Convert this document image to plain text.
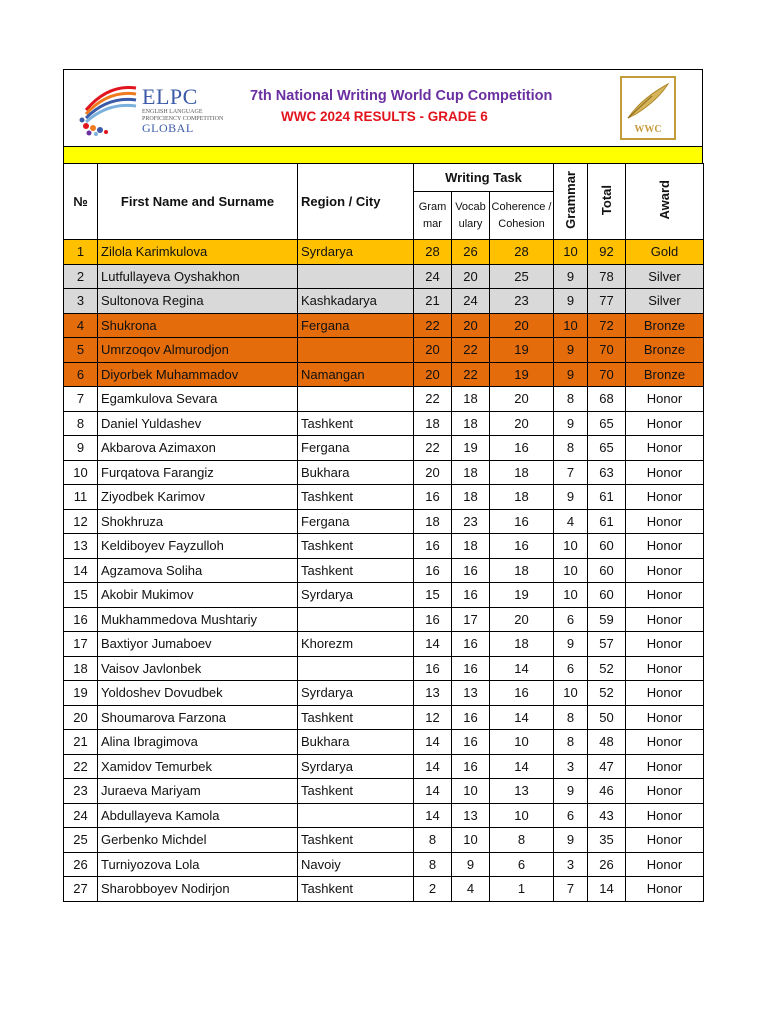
ELPC
ENGLISH LANGUAGE PROFICIENCY COMPETITION
GLOBAL
7th National Writing World Cup Competition
WWC 2024 RESULTS - GRADE 6
WWC
№	First Name and Surname	Region / City	Writing Task			Grammar	Total	Award
			Gram mar	Vocab ulary	Coherence / Cohesion			
1	Zilola Karimkulova	Syrdarya	28	26	28	10	92	Gold
2	Lutfullayeva Oyshakhon		24	20	25	9	78	Silver
3	Sultonova Regina	Kashkadarya	21	24	23	9	77	Silver
4	Shukrona	Fergana	22	20	20	10	72	Bronze
5	Umrzoqov Almurodjon		20	22	19	9	70	Bronze
6	Diyorbek Muhammadov	Namangan	20	22	19	9	70	Bronze
7	Egamkulova Sevara		22	18	20	8	68	Honor
8	Daniel Yuldashev	Tashkent	18	18	20	9	65	Honor
9	Akbarova Azimaxon	Fergana	22	19	16	8	65	Honor
10	Furqatova Farangiz	Bukhara	20	18	18	7	63	Honor
11	Ziyodbek Karimov	Tashkent	16	18	18	9	61	Honor
12	Shokhruza	Fergana	18	23	16	4	61	Honor
13	Keldiboyev Fayzulloh	Tashkent	16	18	16	10	60	Honor
14	Agzamova Soliha	Tashkent	16	16	18	10	60	Honor
15	Akobir Mukimov	Syrdarya	15	16	19	10	60	Honor
16	Mukhammedova Mushtariy		16	17	20	6	59	Honor
17	Baxtiyor Jumaboev	Khorezm	14	16	18	9	57	Honor
18	Vaisov Javlonbek		16	16	14	6	52	Honor
19	Yoldoshev Dovudbek	Syrdarya	13	13	16	10	52	Honor
20	Shoumarova Farzona	Tashkent	12	16	14	8	50	Honor
21	Alina Ibragimova	Bukhara	14	16	10	8	48	Honor
22	Xamidov Temurbek	Syrdarya	14	16	14	3	47	Honor
23	Juraeva Mariyam	Tashkent	14	10	13	9	46	Honor
24	Abdullayeva Kamola		14	13	10	6	43	Honor
25	Gerbenko Michdel	Tashkent	8	10	8	9	35	Honor
26	Turniyozova Lola	Navoiy	8	9	6	3	26	Honor
27	Sharobboyev Nodirjon	Tashkent	2	4	1	7	14	Honor
